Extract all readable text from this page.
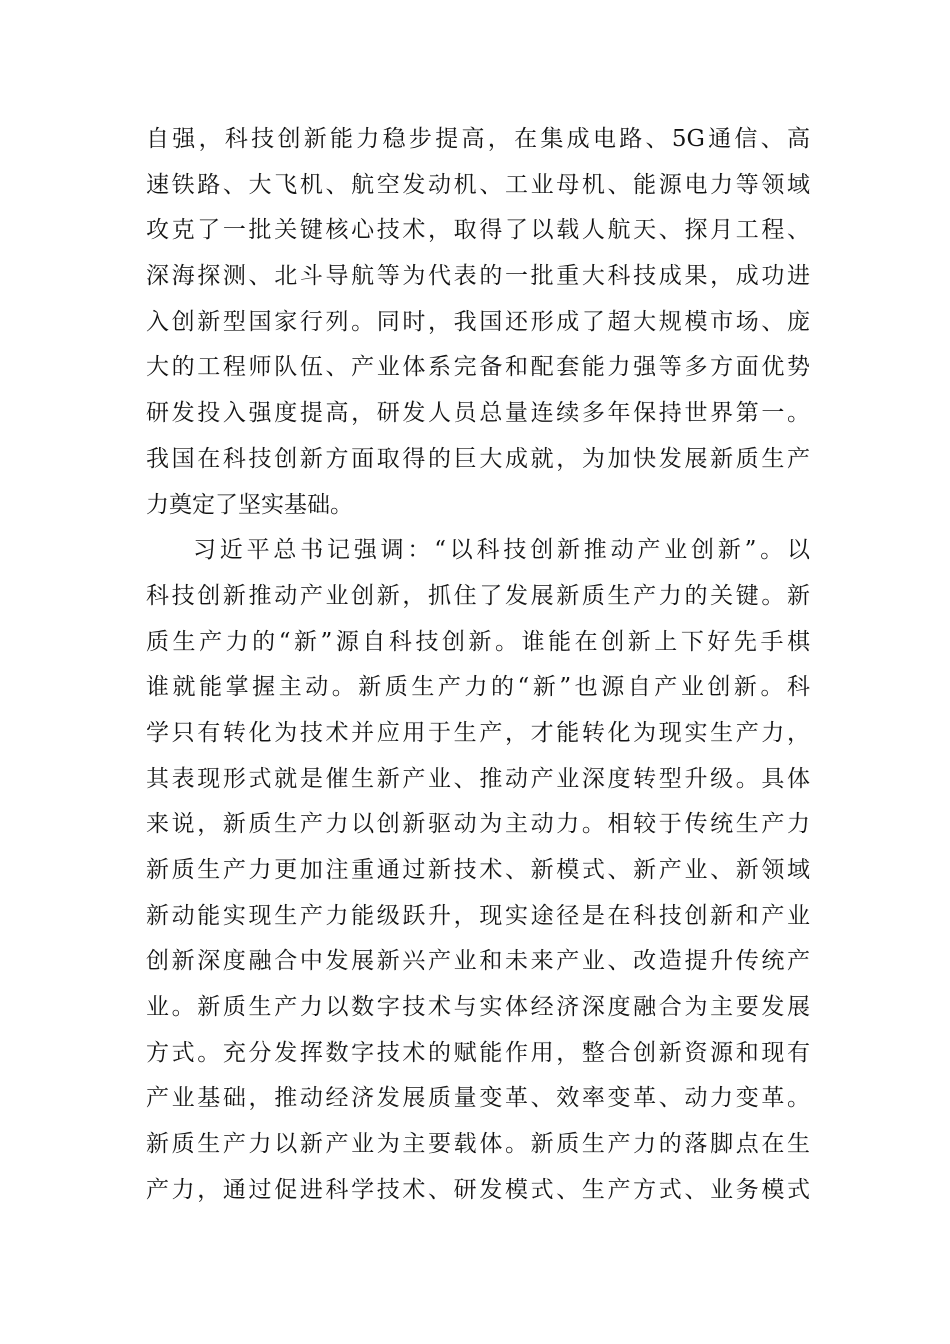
自强，科技创新能力稳步提高，在集成电路、5G通信、高
速铁路、大飞机、航空发动机、工业母机、能源电力等领域
攻克了一批关键核心技术，取得了以载人航天、探月工程、
深海探测、北斗导航等为代表的一批重大科技成果，成功进
入创新型国家行列。同时，我国还形成了超大规模市场、庞
大的工程师队伍、产业体系完备和配套能力强等多方面优势
研发投入强度提高，研发人员总量连续多年保持世界第一。
我国在科技创新方面取得的巨大成就，为加快发展新质生产
力奠定了坚实基础。
习近平总书记强调：“以科技创新推动产业创新”。以
科技创新推动产业创新，抓住了发展新质生产力的关键。新
质生产力的“新”源自科技创新。谁能在创新上下好先手棋
谁就能掌握主动。新质生产力的“新”也源自产业创新。科
学只有转化为技术并应用于生产，才能转化为现实生产力，
其表现形式就是催生新产业、推动产业深度转型升级。具体
来说，新质生产力以创新驱动为主动力。相较于传统生产力
新质生产力更加注重通过新技术、新模式、新产业、新领域
新动能实现生产力能级跃升，现实途径是在科技创新和产业
创新深度融合中发展新兴产业和未来产业、改造提升传统产
业。新质生产力以数字技术与实体经济深度融合为主要发展
方式。充分发挥数字技术的赋能作用，整合创新资源和现有
产业基础，推动经济发展质量变革、效率变革、动力变革。
新质生产力以新产业为主要载体。新质生产力的落脚点在生
产力，通过促进科学技术、研发模式、生产方式、业务模式
